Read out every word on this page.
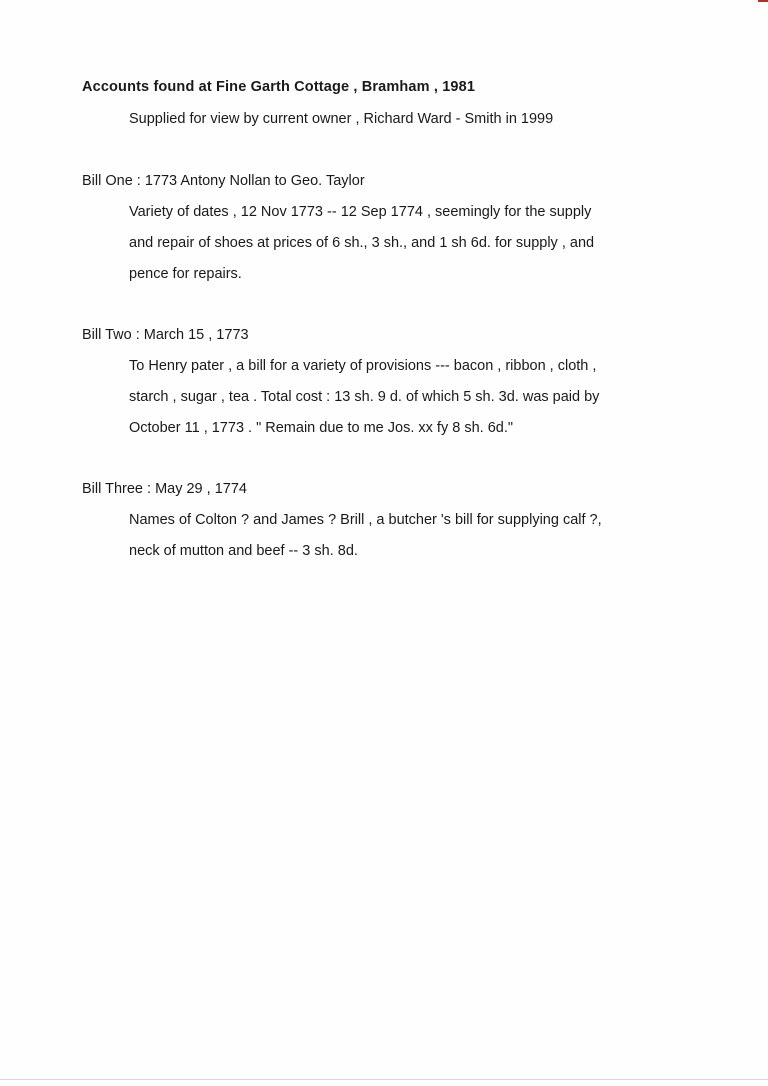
Accounts found at Fine Garth Cottage , Bramham , 1981
Supplied for view by current owner , Richard Ward - Smith in 1999

Bill One : 1773 Antony Nollan to Geo. Taylor

Variety of dates , 12 Nov 1773 -- 12 Sep 1774 , seemingly for the supply
and repair of shoes at prices of 6 sh., 3 sh., and 1 sh 6d. for supply , and
pence for repairs.

Bill Two : March 15 , 1773

To Henry pater , a bill for a variety of provisions --- bacon , ribbon , cloth ,
starch , sugar , tea . Total cost : 13 sh. 9 d. of which 5 sh. 3d. was paid by
October 11 , 1773 . " Remain due to me Jos. xx fy 8 sh. 6d."

Bill Three : May 29 , 1774

Names of Colton ? and James ? Brill , a butcher 's bill for supplying calf ?,
neck of mutton and beef -- 3 sh. 8d.
